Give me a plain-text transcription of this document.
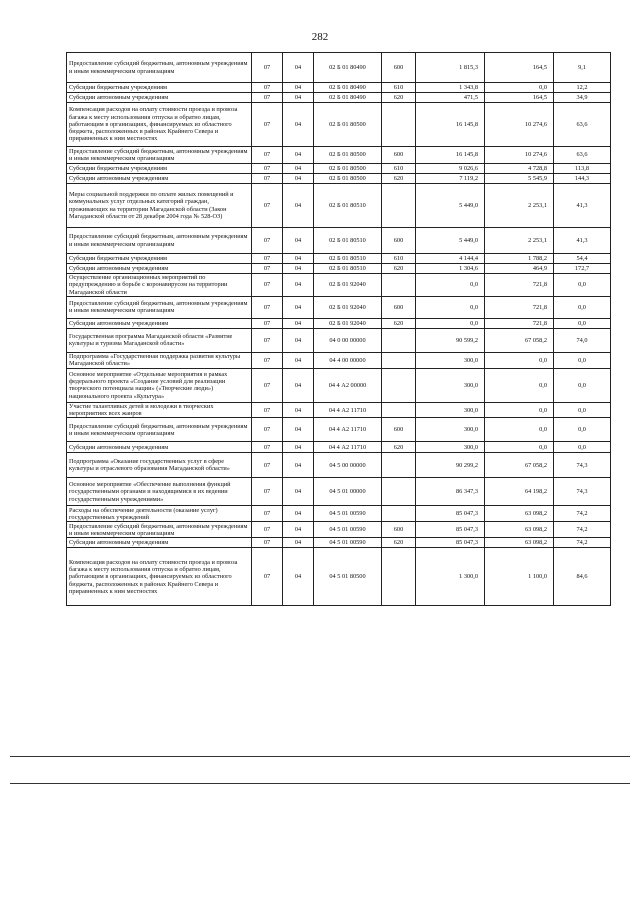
282
Предоставление субсидий бюджетным, автономным учреждениям и иным некоммерческим организациям	07	04	02 Б 01 80490	600	1 815,3	164,5	9,1
Субсидии бюджетным учреждениям	07	04	02 Б 01 80490	610	1 343,8	0,0	12,2
Субсидии автономным учреждениям	07	04	02 Б 01 80490	620	471,5	164,5	34,9
Компенсация расходов на оплату стоимости проезда и провоза багажа к месту использования отпуска и обратно лицам, работающим в организациях, финансируемых из областного бюджета, расположенных в районах Крайнего Севера и приравненных к ним местностях	07	04	02 Б 01 80500		16 145,8	10 274,6	63,6
Предоставление субсидий бюджетным, автономным учреждениям и иным некоммерческим организациям	07	04	02 Б 01 80500	600	16 145,8	10 274,6	63,6
Субсидии бюджетным учреждениям	07	04	02 Б 01 80500	610	9 026,6	4 728,8	113,8
Субсидии автономным учреждениям	07	04	02 Б 01 80500	620	7 119,2	5 545,9	144,3
Меры социальной поддержки по оплате жилых помещений и коммунальных услуг отдельных категорий граждан, проживающих на территории Магаданской области (Закон Магаданской области от 28 декабря 2004 года № 528-ОЗ)	07	04	02 Б 01 80510		5 449,0	2 253,1	41,3
Предоставление субсидий бюджетным, автономным учреждениям и иным некоммерческим организациям	07	04	02 Б 01 80510	600	5 449,0	2 253,1	41,3
Субсидии бюджетным учреждениям	07	04	02 Б 01 80510	610	4 144,4	1 788,2	54,4
Субсидии автономным учреждениям	07	04	02 Б 01 80510	620	1 304,6	464,9	172,7
Осуществление организационных мероприятий по предупреждению и борьбе с коронавирусом на территории Магаданской области	07	04	02 Б 01 92040		0,0	721,8	0,0
Предоставление субсидий бюджетным, автономным учреждениям и иным некоммерческим организациям	07	04	02 Б 01 92040	600	0,0	721,8	0,0
Субсидии автономным учреждениям	07	04	02 Б 01 92040	620	0,0	721,8	0,0
Государственная программа Магаданской области «Развитие культуры и туризма Магаданской области»	07	04	04 0 00 00000		90 599,2	67 058,2	74,0
Подпрограмма «Государственная поддержка развития культуры Магаданской области»	07	04	04 4 00 00000		300,0	0,0	0,0
Основное мероприятие «Отдельные мероприятия в рамках федерального проекта «Создание условий для реализации творческого потенциала нации» («Творческие люди») национального проекта «Культура»	07	04	04 4 А2 00000		300,0	0,0	0,0
Участие талантливых детей и молодежи в творческих мероприятиях всех жанров	07	04	04 4 А2 11710		300,0	0,0	0,0
Предоставление субсидий бюджетным, автономным учреждениям и иным некоммерческим организациям	07	04	04 4 А2 11710	600	300,0	0,0	0,0
Субсидии автономным учреждениям	07	04	04 4 А2 11710	620	300,0	0,0	0,0
Подпрограмма «Оказание государственных услуг в сфере культуры и отраслевого образования Магаданской области»	07	04	04 5 00 00000		90 299,2	67 058,2	74,3
Основное мероприятие «Обеспечение выполнения функций государственными органами и находящимися в их ведении государственными учреждениями»	07	04	04 5 01 00000		86 347,3	64 198,2	74,3
Расходы на обеспечение деятельности (оказание услуг) государственных учреждений	07	04	04 5 01 00590		85 047,3	63 098,2	74,2
Предоставление субсидий бюджетным, автономным учреждениям и иным некоммерческим организациям	07	04	04 5 01 00590	600	85 047,3	63 098,2	74,2
Субсидии автономным учреждениям	07	04	04 5 01 00590	620	85 047,3	63 098,2	74,2
Компенсация расходов на оплату стоимости проезда и провоза багажа к месту использования отпуска и обратно лицам, работающим в организациях, финансируемых из областного бюджета, расположенных в районах Крайнего Севера и приравненных к ним местностях	07	04	04 5 01 80500		1 300,0	1 100,0	84,6
